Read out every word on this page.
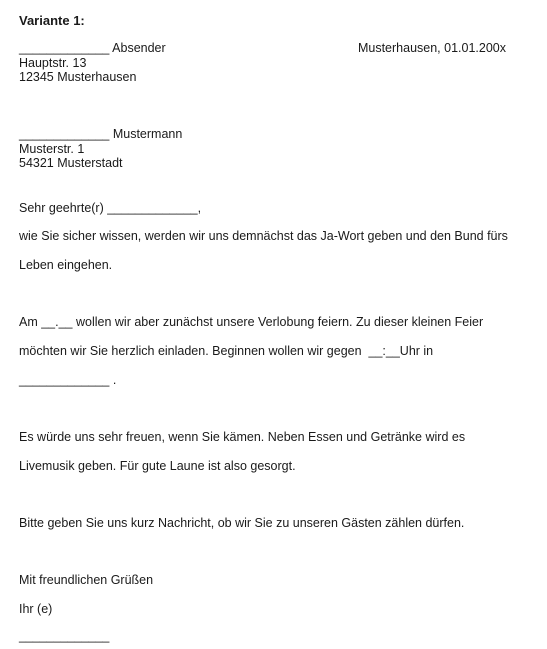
Variante 1:

_____________ Absender	Musterhausen, 01.01.200x

Hauptstr. 13

12345 Musterhausen

_____________ Mustermann

Musterstr. 1

54321 Musterstadt

Sehr geehrte(r) _____________,

wie Sie sicher wissen, werden wir uns demnächst das Ja-Wort geben und den Bund fürs

Leben eingehen.

Am __.__ wollen wir aber zunächst unsere Verlobung feiern. Zu dieser kleinen Feier

möchten wir Sie herzlich einladen. Beginnen wollen wir gegen  __:__Uhr in

_____________ .

Es würde uns sehr freuen, wenn Sie kämen. Neben Essen und Getränke wird es

Livemusik geben. Für gute Laune ist also gesorgt.

Bitte geben Sie uns kurz Nachricht, ob wir Sie zu unseren Gästen zählen dürfen.

Mit freundlichen Grüßen

Ihr (e)

_____________
